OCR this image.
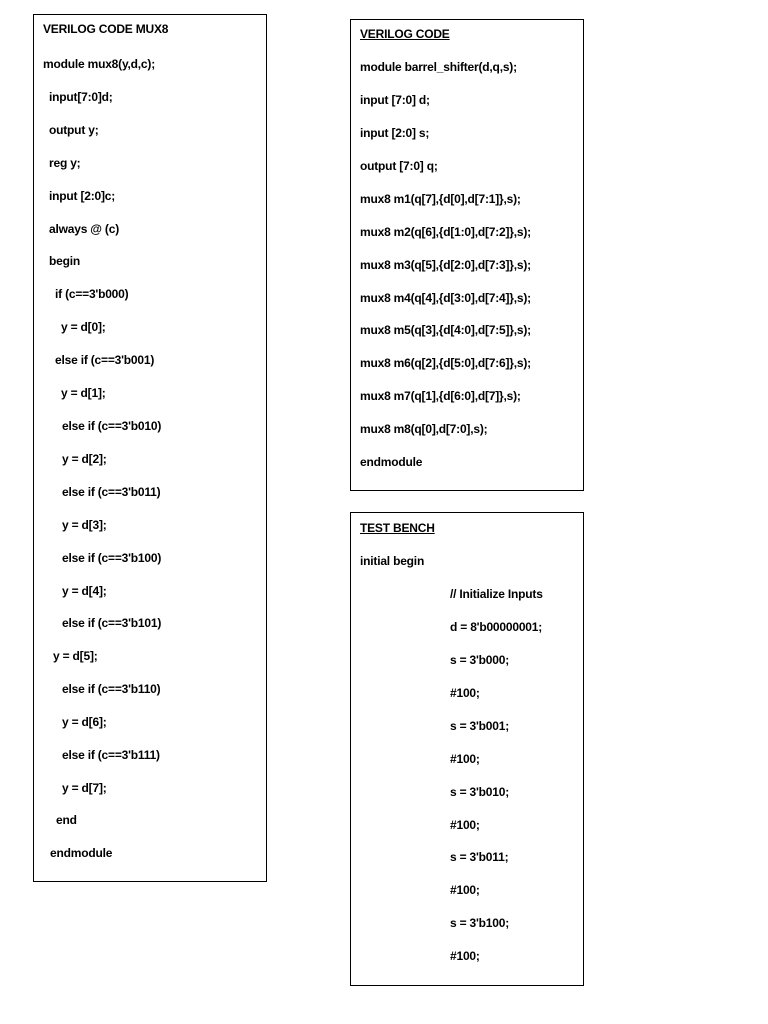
VERILOG CODE MUX8
module mux8(y,d,c);
input[7:0]d;
output y;
reg y;
input [2:0]c;
always @ (c)
begin
if (c==3'b000)
y = d[0];
else if (c==3'b001)
y = d[1];
else if (c==3'b010)
y = d[2];
else if (c==3'b011)
y = d[3];
else if (c==3'b100)
y = d[4];
else if (c==3'b101)
y = d[5];
else if (c==3'b110)
y = d[6];
else if (c==3'b111)
y = d[7];
end
endmodule
VERILOG CODE
module barrel_shifter(d,q,s);
input [7:0] d;
input [2:0] s;
output [7:0] q;
mux8 m1(q[7],{d[0],d[7:1]},s);
mux8 m2(q[6],{d[1:0],d[7:2]},s);
mux8 m3(q[5],{d[2:0],d[7:3]},s);
mux8 m4(q[4],{d[3:0],d[7:4]},s);
mux8 m5(q[3],{d[4:0],d[7:5]},s);
mux8 m6(q[2],{d[5:0],d[7:6]},s);
mux8 m7(q[1],{d[6:0],d[7]},s);
mux8 m8(q[0],d[7:0],s);
endmodule
TEST BENCH
initial begin
// Initialize Inputs
d = 8'b00000001;
s = 3'b000;
#100;
s = 3'b001;
#100;
s = 3'b010;
#100;
s = 3'b011;
#100;
s = 3'b100;
#100;
